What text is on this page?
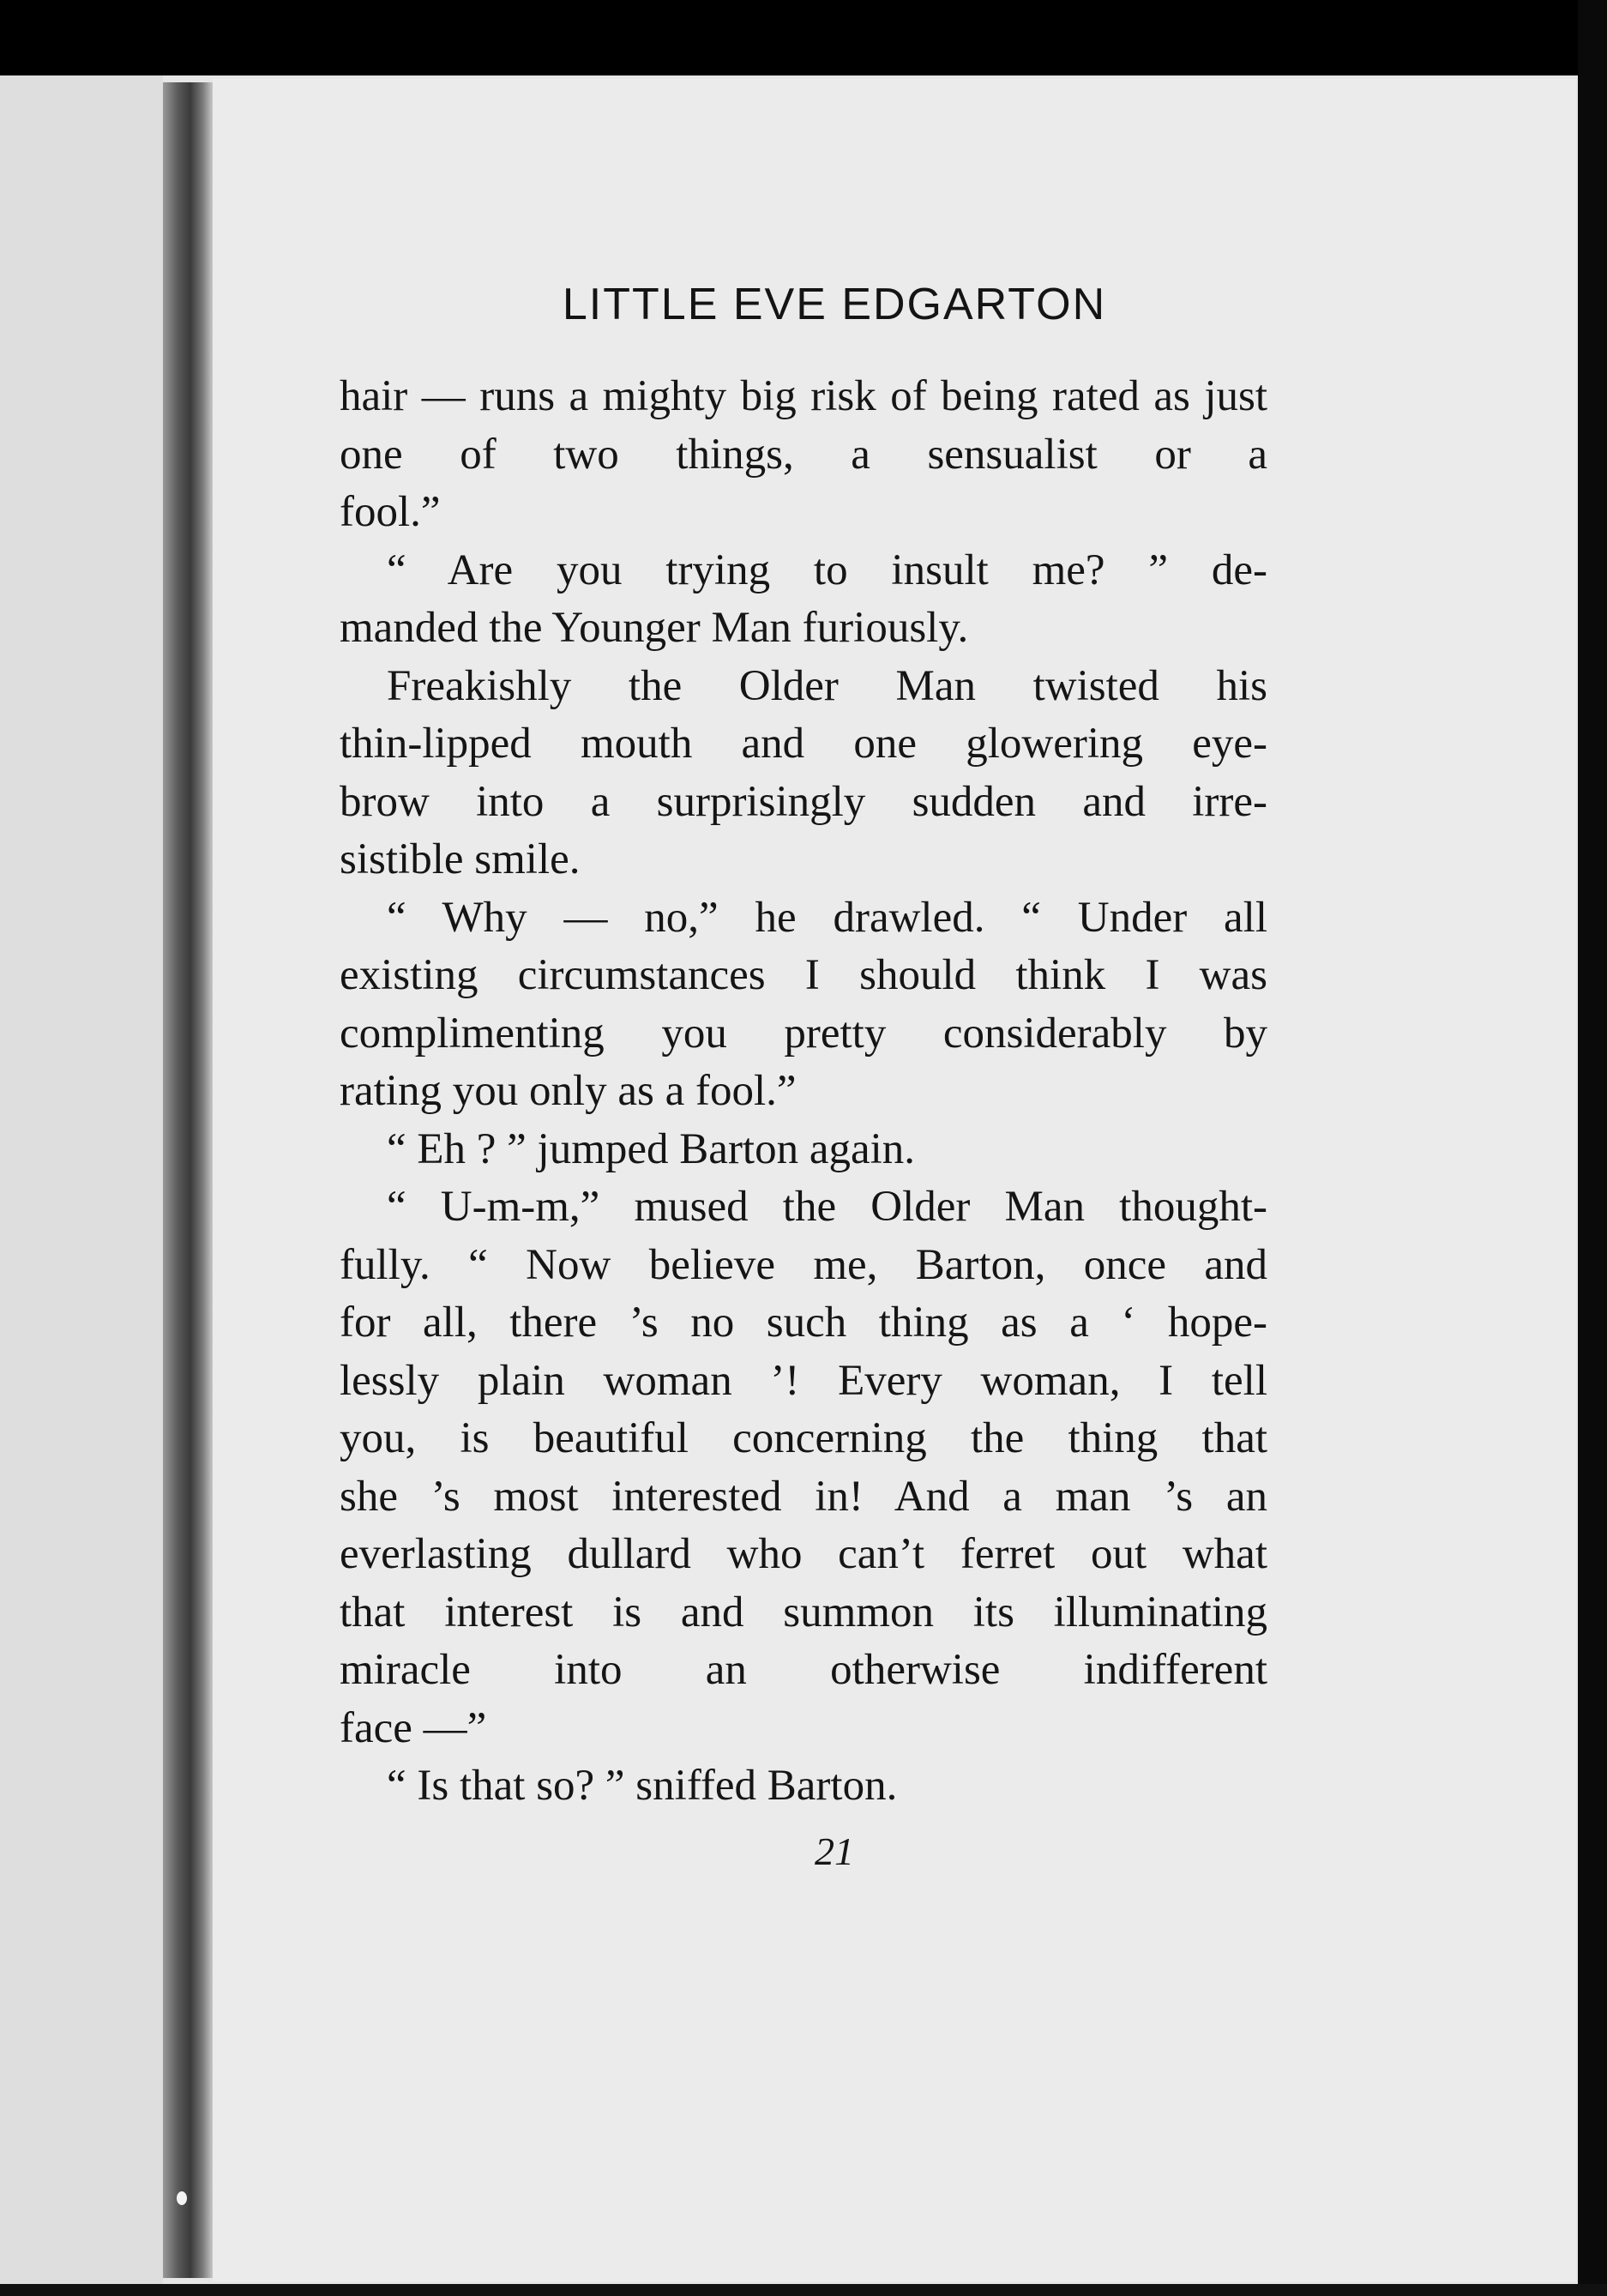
LITTLE EVE EDGARTON

hair — runs a mighty big risk of being rated as just one of two things, a sensualist or a

fool.”

“ Are you trying to insult me? ” de-

manded the Younger Man furiously.

Freakishly the Older Man twisted his

thin-lipped mouth and one glowering eye-

brow into a surprisingly sudden and irre-

sistible smile.

“ Why — no,” he drawled. “ Under all

existing circumstances I should think I was

complimenting you pretty considerably by

rating you only as a fool.”

“ Eh ? ” jumped Barton again.

“ U-m-m,” mused the Older Man thought-

fully. “ Now believe me, Barton, once and

for all, there ’s no such thing as a ‘ hope-

lessly plain woman ’! Every woman, I tell

you, is beautiful concerning the thing that

she ’s most interested in! And a man ’s an

everlasting dullard who can’t ferret out what

that interest is and summon its illuminating

miracle into an otherwise indifferent

face —”

“ Is that so? ” sniffed Barton.

21
